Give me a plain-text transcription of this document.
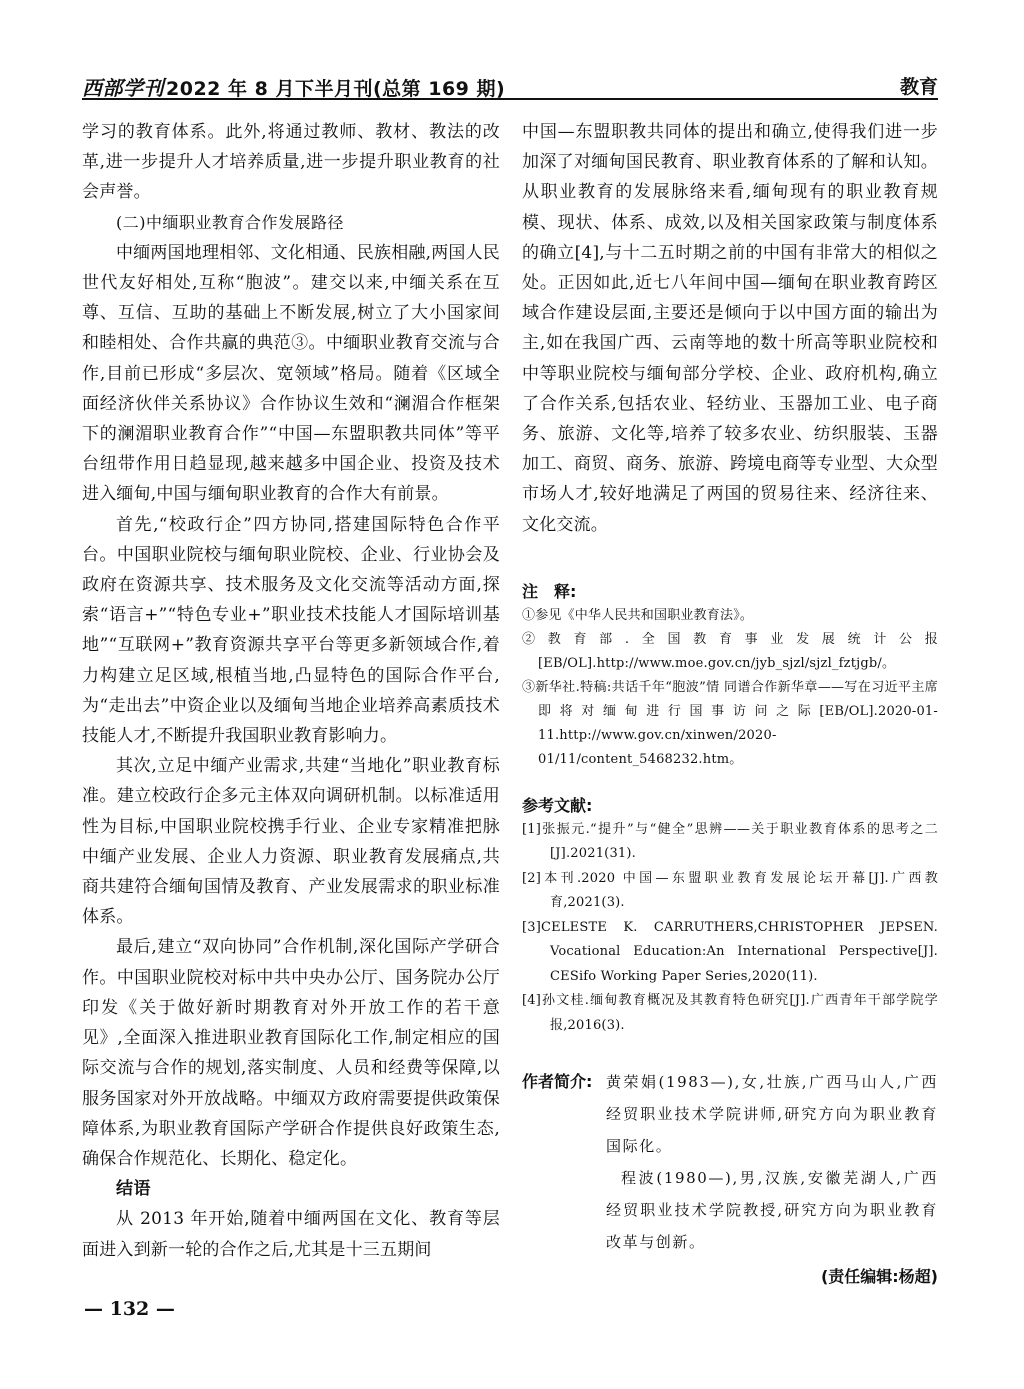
西部学刊 2022 年 8 月下半月刊(总第 169 期)	教育

学习的教育体系。此外,将通过教师、教材、教法的改革,进一步提升人才培养质量,进一步提升职业教育的社会声誉。

(二)中缅职业教育合作发展路径

中缅两国地理相邻、文化相通、民族相融,两国人民世代友好相处,互称“胞波”。建交以来,中缅关系在互尊、互信、互助的基础上不断发展,树立了大小国家间和睦相处、合作共赢的典范③。中缅职业教育交流与合作,目前已形成“多层次、宽领域”格局。随着《区域全面经济伙伴关系协议》合作协议生效和“澜湄合作框架下的澜湄职业教育合作”“中国—东盟职教共同体”等平台纽带作用日趋显现,越来越多中国企业、投资及技术进入缅甸,中国与缅甸职业教育的合作大有前景。

首先,“校政行企”四方协同,搭建国际特色合作平台。中国职业院校与缅甸职业院校、企业、行业协会及政府在资源共享、技术服务及文化交流等活动方面,探索“语言+”“特色专业+”职业技术技能人才国际培训基地”“互联网+”教育资源共享平台等更多新领域合作,着力构建立足区域,根植当地,凸显特色的国际合作平台,为“走出去”中资企业以及缅甸当地企业培养高素质技术技能人才,不断提升我国职业教育影响力。

其次,立足中缅产业需求,共建“当地化”职业教育标准。建立校政行企多元主体双向调研机制。以标准适用性为目标,中国职业院校携手行业、企业专家精准把脉中缅产业发展、企业人力资源、职业教育发展痛点,共商共建符合缅甸国情及教育、产业发展需求的职业标准体系。

最后,建立“双向协同”合作机制,深化国际产学研合作。中国职业院校对标中共中央办公厅、国务院办公厅印发《关于做好新时期教育对外开放工作的若干意见》,全面深入推进职业教育国际化工作,制定相应的国际交流与合作的规划,落实制度、人员和经费等保障,以服务国家对外开放战略。中缅双方政府需要提供政策保障体系,为职业教育国际产学研合作提供良好政策生态,确保合作规范化、长期化、稳定化。

结语

从 2013 年开始,随着中缅两国在文化、教育等层面进入到新一轮的合作之后,尤其是十三五期间

中国—东盟职教共同体的提出和确立,使得我们进一步加深了对缅甸国民教育、职业教育体系的了解和认知。从职业教育的发展脉络来看,缅甸现有的职业教育规模、现状、体系、成效,以及相关国家政策与制度体系的确立[4],与十二五时期之前的中国有非常大的相似之处。正因如此,近七八年间中国—缅甸在职业教育跨区域合作建设层面,主要还是倾向于以中国方面的输出为主,如在我国广西、云南等地的数十所高等职业院校和中等职业院校与缅甸部分学校、企业、政府机构,确立了合作关系,包括农业、轻纺业、玉器加工业、电子商务、旅游、文化等,培养了较多农业、纺织服装、玉器加工、商贸、商务、旅游、跨境电商等专业型、大众型市场人才,较好地满足了两国的贸易往来、经济往来、文化交流。

注　释:

①参见《中华人民共和国职业教育法》。

②教育部.全国教育事业发展统计公报[EB/OL].http://www.moe.gov.cn/jyb_sjzl/sjzl_fztjgb/。

③新华社.特稿:共话千年“胞波”情 同谱合作新华章——写在习近平主席即将对缅甸进行国事访问之际[EB/OL].2020-01-11.http://www.gov.cn/xinwen/2020-01/11/content_5468232.htm。

参考文献:

[1]张振元.“提升”与“健全”思辨——关于职业教育体系的思考之二[J].2021(31).

[2]本刊.2020 中国—东盟职业教育发展论坛开幕[J].广西教育,2021(3).

[3]CELESTE K. CARRUTHERS,CHRISTOPHER JEPSEN. Vocational Education:An International Perspective[J]. CESifo Working Paper Series,2020(11).

[4]孙文桂.缅甸教育概况及其教育特色研究[J].广西青年干部学院学报,2016(3).

作者简介: 黄荣娟(1983—),女,壮族,广西马山人,广西经贸职业技术学院讲师,研究方向为职业教育国际化。

程波(1980—),男,汉族,安徽芜湖人,广西经贸职业技术学院教授,研究方向为职业教育改革与创新。

(责任编辑:杨超)
— 132 —
